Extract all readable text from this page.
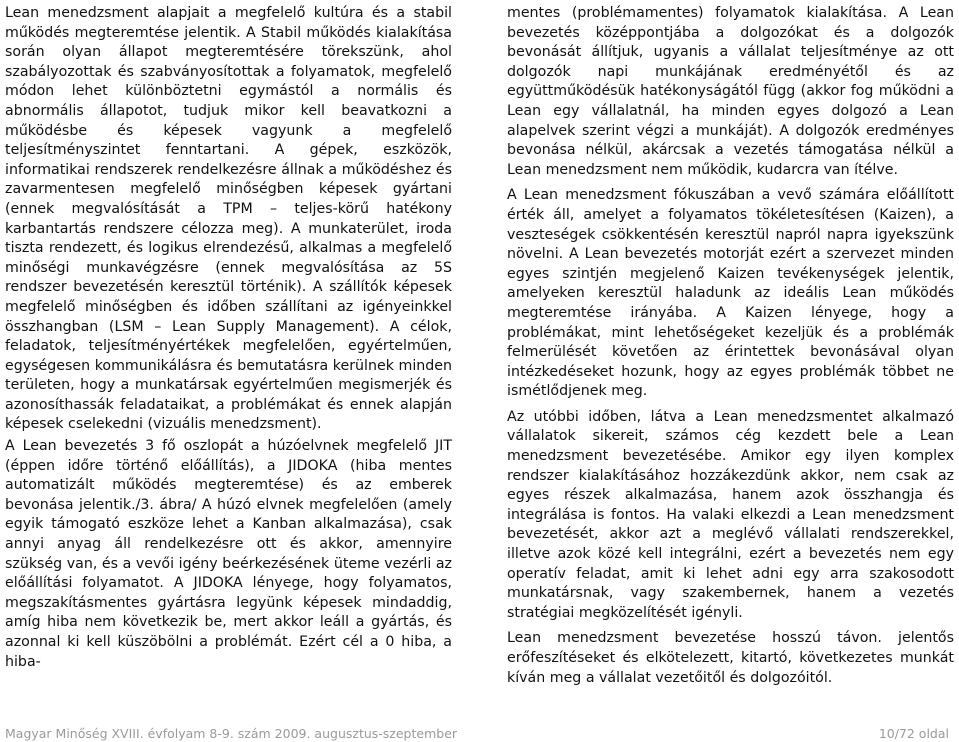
Lean menedzsment alapjait a megfelelő kultúra és a stabil működés megteremtése jelentik. A Stabil működés kialakítása során olyan állapot megteremtésére törekszünk, ahol szabályozottak és szabványosítottak a folyamatok, megfelelő módon lehet különböztetni egymástól a normális és abnormális állapotot, tudjuk mikor kell beavatkozni a működésbe és képesek vagyunk a megfelelő teljesítményszintet fenntartani. A gépek, eszközök, informatikai rendszerek rendelkezésre állnak a működéshez és zavarmentesen megfelelő minőségben képesek gyártani (ennek megvalósítását a TPM – teljes-körű hatékony karbantartás rendszere célozza meg). A munkaterület, iroda tiszta rendezett, és logikus elrendezésű, alkalmas a megfelelő minőségi munkavégzésre (ennek megvalósítása az 5S rendszer bevezetésén keresztül történik). A szállítók képesek megfelelő minőségben és időben szállítani az igényeinkkel összhangban (LSM – Lean Supply Management). A célok, feladatok, teljesítményértékek megfelelően, egyértelműen, egységesen kommunikálásra és bemutatásra kerülnek minden területen, hogy a munkatársak egyértelműen megismerjék és azonosíthassák feladataikat, a problémákat és ennek alapján képesek cselekedni (vizuális menedzsment).

A Lean bevezetés 3 fő oszlopát a húzóelvnek megfelelő JIT (éppen időre történő előállítás), a JIDOKA (hiba mentes automatizált működés megteremtése) és az emberek bevonása jelentik./3. ábra/ A húzó elvnek megfelelően (amely egyik támogató eszköze lehet a Kanban alkalmazása), csak annyi anyag áll rendelkezésre ott és akkor, amennyire szükség van, és a vevői igény beérkezésének üteme vezérli az előállítási folyamatot. A JIDOKA lényege, hogy folyamatos, megszakításmentes gyártásra legyünk képesek mindaddig, amíg hiba nem következik be, mert akkor leáll a gyártás, és azonnal ki kell küszöbölni a problémát. Ezért cél a 0 hiba, a hiba-

mentes (problémamentes) folyamatok kialakítása. A Lean bevezetés középpontjába a dolgozókat és a dolgozók bevonását állítjuk, ugyanis a vállalat teljesítménye az ott dolgozók napi munkájának eredményétől és az együttműködésük hatékonyságától függ (akkor fog működni a Lean egy vállalatnál, ha minden egyes dolgozó a Lean alapelvek szerint végzi a munkáját). A dolgozók eredményes bevonása nélkül, akárcsak a vezetés támogatása nélkül a Lean menedzsment nem működik, kudarcra van ítélve.

A Lean menedzsment fókuszában a vevő számára előállított érték áll, amelyet a folyamatos tökéletesítésen (Kaizen), a veszteségek csökkentésén keresztül napról napra igyekszünk növelni. A Lean bevezetés motorját ezért a szervezet minden egyes szintjén megjelenő Kaizen tevékenységek jelentik, amelyeken keresztül haladunk az ideális Lean működés megteremtése irányába. A Kaizen lényege, hogy a problémákat, mint lehetőségeket kezeljük és a problémák felmerülését követően az érintettek bevonásával olyan intézkedéseket hozunk, hogy az egyes problémák többet ne ismétlődjenek meg.

Az utóbbi időben, látva a Lean menedzsmentet alkalmazó vállalatok sikereit, számos cég kezdett bele a Lean menedzsment bevezetésébe. Amikor egy ilyen komplex rendszer kialakításához hozzákezdünk akkor, nem csak az egyes részek alkalmazása, hanem azok összhangja és integrálása is fontos. Ha valaki elkezdi a Lean menedzsment bevezetését, akkor azt a meglévő vállalati rendszerekkel, illetve azok közé kell integrálni, ezért a bevezetés nem egy operatív feladat, amit ki lehet adni egy arra szakosodott munkatársnak, vagy szakembernek, hanem a vezetés stratégiai megközelítését igényli.

Lean menedzsment bevezetése hosszú távon. jelentős erőfeszítéseket és elkötelezett, kitartó, következetes munkát kíván meg a vállalat vezetőitől és dolgozóitól.

Magyar Minőség XVIII. évfolyam 8-9. szám 2009. augusztus-szeptember	10/72 oldal
